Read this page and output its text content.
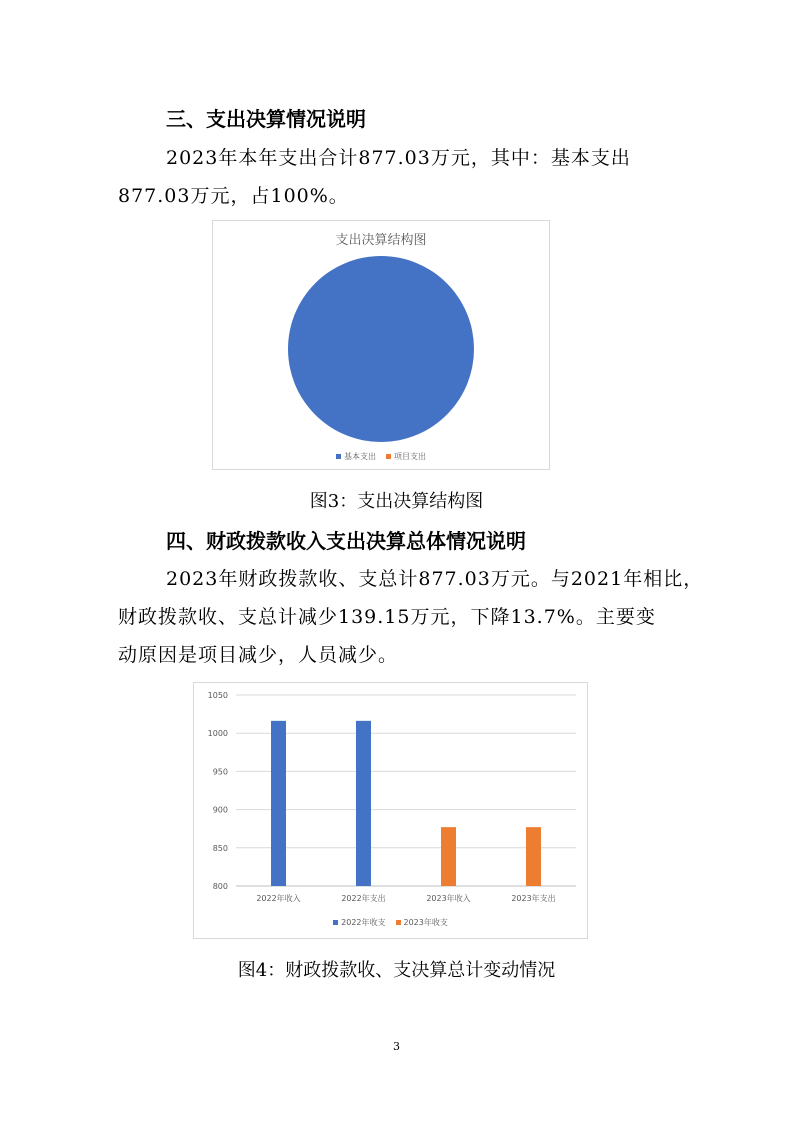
三、支出决算情况说明
2023年本年支出合计877.03万元，其中：基本支出
877.03万元，占100%。
支出决算结构图
基本支出	项目支出
图3：支出决算结构图
四、财政拨款收入支出决算总体情况说明
2023年财政拨款收、支总计877.03万元。与2021年相比，
财政拨款收、支总计减少139.15万元，下降13.7%。主要变
动原因是项目减少，人员减少。
800
850
900
950
1000
1050
2022年收入	2022年支出	2023年收入	2023年支出
2022年收支	2023年收支
图4：财政拨款收、支决算总计变动情况
3
